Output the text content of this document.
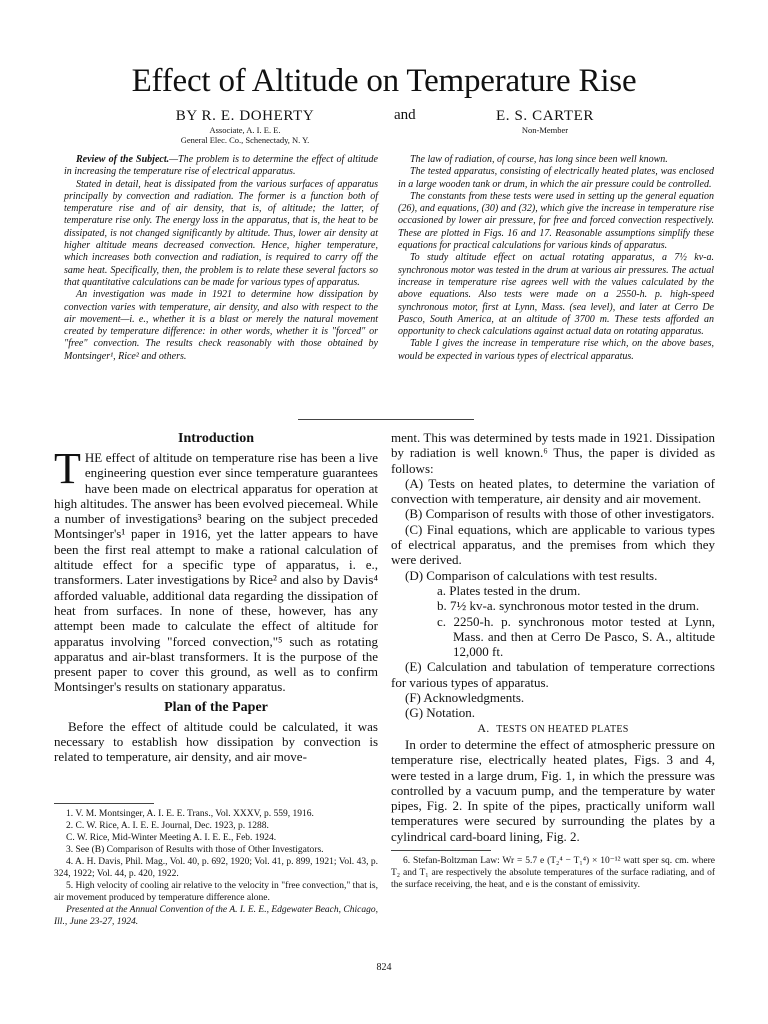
Effect of Altitude on Temperature Rise
BY R. E. DOHERTY
Associate, A. I. E. E.
General Elec. Co., Schenectady, N. Y.
and	E. S. CARTER
Non-Member

Review of the Subject.—The problem is to determine the effect of altitude in increasing the temperature rise of electrical apparatus.

Stated in detail, heat is dissipated from the various surfaces of apparatus principally by convection and radiation. The former is a function both of temperature rise and of air density, that is, of altitude; the latter, of temperature rise only. The energy loss in the apparatus, that is, the heat to be dissipated, is not changed significantly by altitude. Thus, lower air density at higher altitude means decreased convection. Hence, higher temperature, which increases both convection and radiation, is required to carry off the same heat. Specifically, then, the problem is to relate these several factors so that quantitative calculations can be made for various types of apparatus.

An investigation was made in 1921 to determine how dissipation by convection varies with temperature, air density, and also with respect to the air movement—i. e., whether it is a blast or merely the natural movement created by temperature difference: in other words, whether it is "forced" or "free" convection. The results check reasonably with those obtained by Montsinger¹, Rice² and others.

The law of radiation, of course, has long since been well known.

The tested apparatus, consisting of electrically heated plates, was enclosed in a large wooden tank or drum, in which the air pressure could be controlled.

The constants from these tests were used in setting up the general equation (26), and equations, (30) and (32), which give the increase in temperature rise occasioned by lower air pressure, for free and forced convection respectively. These are plotted in Figs. 16 and 17. Reasonable assumptions simplify these equations for practical calculations for various kinds of apparatus.

To study altitude effect on actual rotating apparatus, a 7½ kv-a. synchronous motor was tested in the drum at various air pressures. The actual increase in temperature rise agrees well with the values calculated by the above equations. Also tests were made on a 2550-h. p. high-speed synchronous motor, first at Lynn, Mass. (sea level), and later at Cerro De Pasco, South America, at an altitude of 3700 m. These tests afforded an opportunity to check calculations against actual data on rotating apparatus.

Table I gives the increase in temperature rise which, on the above bases, would be expected in various types of electrical apparatus.

Introduction

THE effect of altitude on temperature rise has been a live engineering question ever since temperature guarantees have been made on electrical apparatus for operation at high altitudes. The answer has been evolved piecemeal. While a number of investigations³ bearing on the subject preceded Montsinger's¹ paper in 1916, yet the latter appears to have been the first real attempt to make a rational calculation of altitude effect for a specific type of apparatus, i. e., transformers. Later investigations by Rice² and also by Davis⁴ afforded valuable, additional data regarding the dissipation of heat from surfaces. In none of these, however, has any attempt been made to calculate the effect of altitude for apparatus involving "forced convection,"⁵ such as rotating apparatus and air-blast transformers. It is the purpose of the present paper to cover this ground, as well as to confirm Montsinger's results on stationary apparatus.

Plan of the Paper

Before the effect of altitude could be calculated, it was necessary to establish how dissipation by convection is related to temperature, air density, and air move-

1. V. M. Montsinger, A. I. E. E. Trans., Vol. XXXV, p. 559, 1916.

2. C. W. Rice, A. I. E. E. Journal, Dec. 1923, p. 1288.

C. W. Rice, Mid-Winter Meeting A. I. E. E., Feb. 1924.

3. See (B) Comparison of Results with those of Other Investigators.

4. A. H. Davis, Phil. Mag., Vol. 40, p. 692, 1920; Vol. 41, p. 899, 1921; Vol. 43, p. 324, 1922; Vol. 44, p. 420, 1922.

5. High velocity of cooling air relative to the velocity in "free convection," that is, air movement produced by temperature difference alone.

Presented at the Annual Convention of the A. I. E. E., Edgewater Beach, Chicago, Ill., June 23-27, 1924.

ment. This was determined by tests made in 1921. Dissipation by radiation is well known.⁶ Thus, the paper is divided as follows:

(A) Tests on heated plates, to determine the variation of convection with temperature, air density and air movement.

(B) Comparison of results with those of other investigators.

(C) Final equations, which are applicable to various types of electrical apparatus, and the premises from which they were derived.

(D) Comparison of calculations with test results.

a. Plates tested in the drum.

b. 7½ kv-a. synchronous motor tested in the drum.

c. 2250-h. p. synchronous motor tested at Lynn, Mass. and then at Cerro De Pasco, S. A., altitude 12,000 ft.

(E) Calculation and tabulation of temperature corrections for various types of apparatus.

(F) Acknowledgments.

(G) Notation.

A. TESTS ON HEATED PLATES

In order to determine the effect of atmospheric pressure on temperature rise, electrically heated plates, Figs. 3 and 4, were tested in a large drum, Fig. 1, in which the pressure was controlled by a vacuum pump, and the temperature by water pipes, Fig. 2. In spite of the pipes, practically uniform wall temperatures were secured by surrounding the plates by a cylindrical card-board lining, Fig. 2.

6. Stefan-Boltzman Law: Wr = 5.7 e (T₂⁴ − T₁⁴) × 10⁻¹² watt sper sq. cm. where T₂ and T₁ are respectively the absolute temperatures of the surface radiating, and of the surface receiving, the heat, and e is the constant of emissivity.

824
